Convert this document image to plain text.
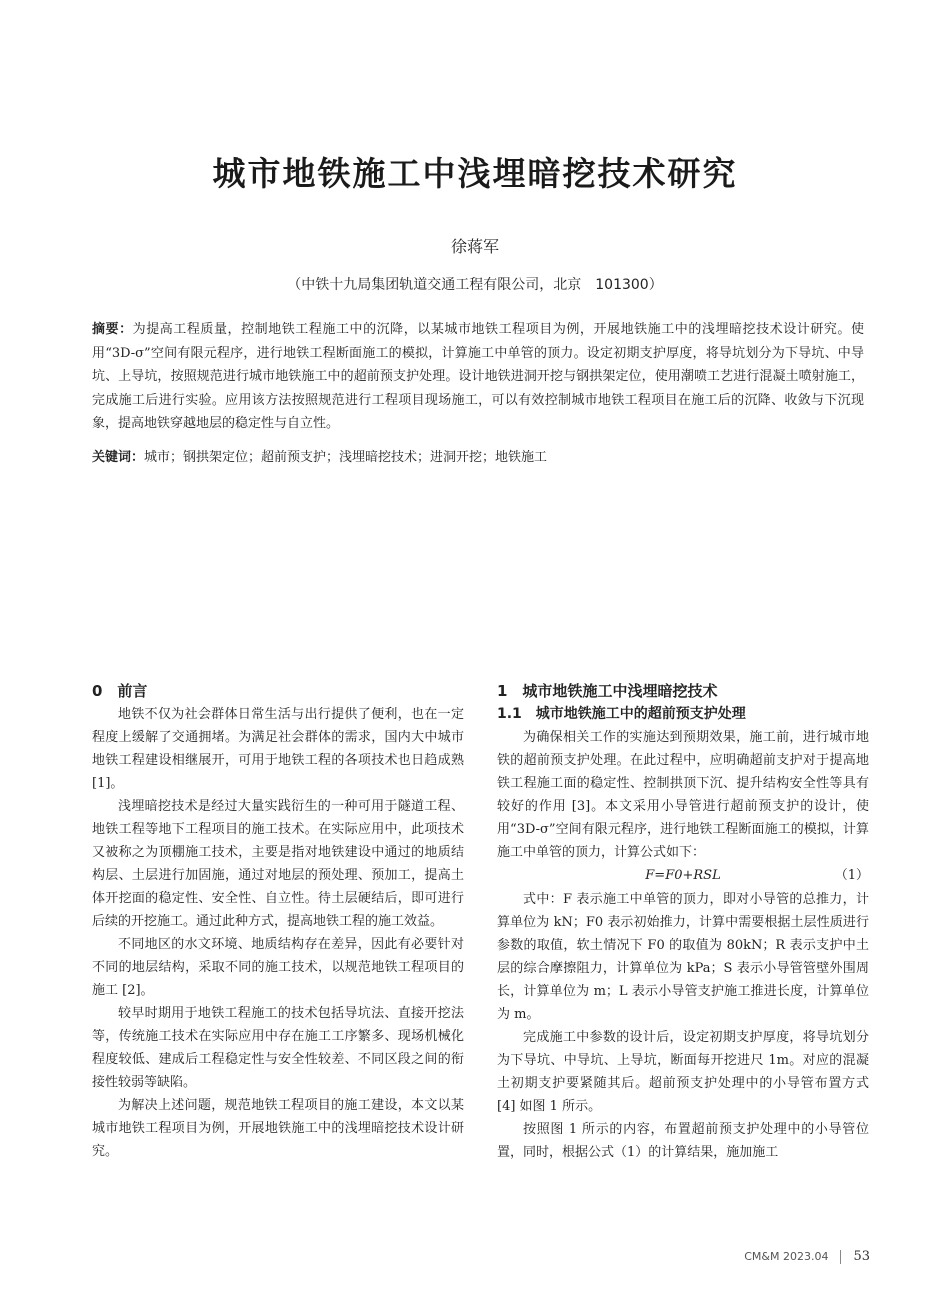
城市地铁施工中浅埋暗挖技术研究
徐蒋军
（中铁十九局集团轨道交通工程有限公司，北京　101300）

摘要：为提高工程质量，控制地铁工程施工中的沉降，以某城市地铁工程项目为例，开展地铁施工中的浅埋暗挖技术设计研究。使用“3D-σ”空间有限元程序，进行地铁工程断面施工的模拟，计算施工中单管的顶力。设定初期支护厚度，将导坑划分为下导坑、中导坑、上导坑，按照规范进行城市地铁施工中的超前预支护处理。设计地铁进洞开挖与钢拱架定位，使用潮喷工艺进行混凝土喷射施工，完成施工后进行实验。应用该方法按照规范进行工程项目现场施工，可以有效控制城市地铁工程项目在施工后的沉降、收敛与下沉现象，提高地铁穿越地层的稳定性与自立性。

关键词：城市；钢拱架定位；超前预支护；浅埋暗挖技术；进洞开挖；地铁施工

0　前言

地铁不仅为社会群体日常生活与出行提供了便利，也在一定程度上缓解了交通拥堵。为满足社会群体的需求，国内大中城市地铁工程建设相继展开，可用于地铁工程的各项技术也日趋成熟 [1]。

浅埋暗挖技术是经过大量实践衍生的一种可用于隧道工程、地铁工程等地下工程项目的施工技术。在实际应用中，此项技术又被称之为顶棚施工技术，主要是指对地铁建设中通过的地质结构层、土层进行加固施，通过对地层的预处理、预加工，提高土体开挖面的稳定性、安全性、自立性。待土层硬结后，即可进行后续的开挖施工。通过此种方式，提高地铁工程的施工效益。

不同地区的水文环境、地质结构存在差异，因此有必要针对不同的地层结构，采取不同的施工技术，以规范地铁工程项目的施工 [2]。

较早时期用于地铁工程施工的技术包括导坑法、直接开挖法等，传统施工技术在实际应用中存在施工工序繁多、现场机械化程度较低、建成后工程稳定性与安全性较差、不同区段之间的衔接性较弱等缺陷。

为解决上述问题，规范地铁工程项目的施工建设，本文以某城市地铁工程项目为例，开展地铁施工中的浅埋暗挖技术设计研究。

1　城市地铁施工中浅埋暗挖技术
1.1　城市地铁施工中的超前预支护处理

为确保相关工作的实施达到预期效果，施工前，进行城市地铁的超前预支护处理。在此过程中，应明确超前支护对于提高地铁工程施工面的稳定性、控制拱顶下沉、提升结构安全性等具有较好的作用 [3]。本文采用小导管进行超前预支护的设计，使用“3D-σ”空间有限元程序，进行地铁工程断面施工的模拟，计算施工中单管的顶力，计算公式如下：

F=F0+RSL	（1）

式中：F 表示施工中单管的顶力，即对小导管的总推力，计算单位为 kN；F0 表示初始推力，计算中需要根据土层性质进行参数的取值，软土情况下 F0 的取值为 80kN；R 表示支护中土层的综合摩擦阻力，计算单位为 kPa；S 表示小导管管壁外围周长，计算单位为 m；L 表示小导管支护施工推进长度，计算单位为 m。

完成施工中参数的设计后，设定初期支护厚度，将导坑划分为下导坑、中导坑、上导坑，断面每开挖进尺 1m。对应的混凝土初期支护要紧随其后。超前预支护处理中的小导管布置方式 [4] 如图 1 所示。

按照图 1 所示的内容，布置超前预支护处理中的小导管位置，同时，根据公式（1）的计算结果，施加施工

CM&M 2023.04 53
